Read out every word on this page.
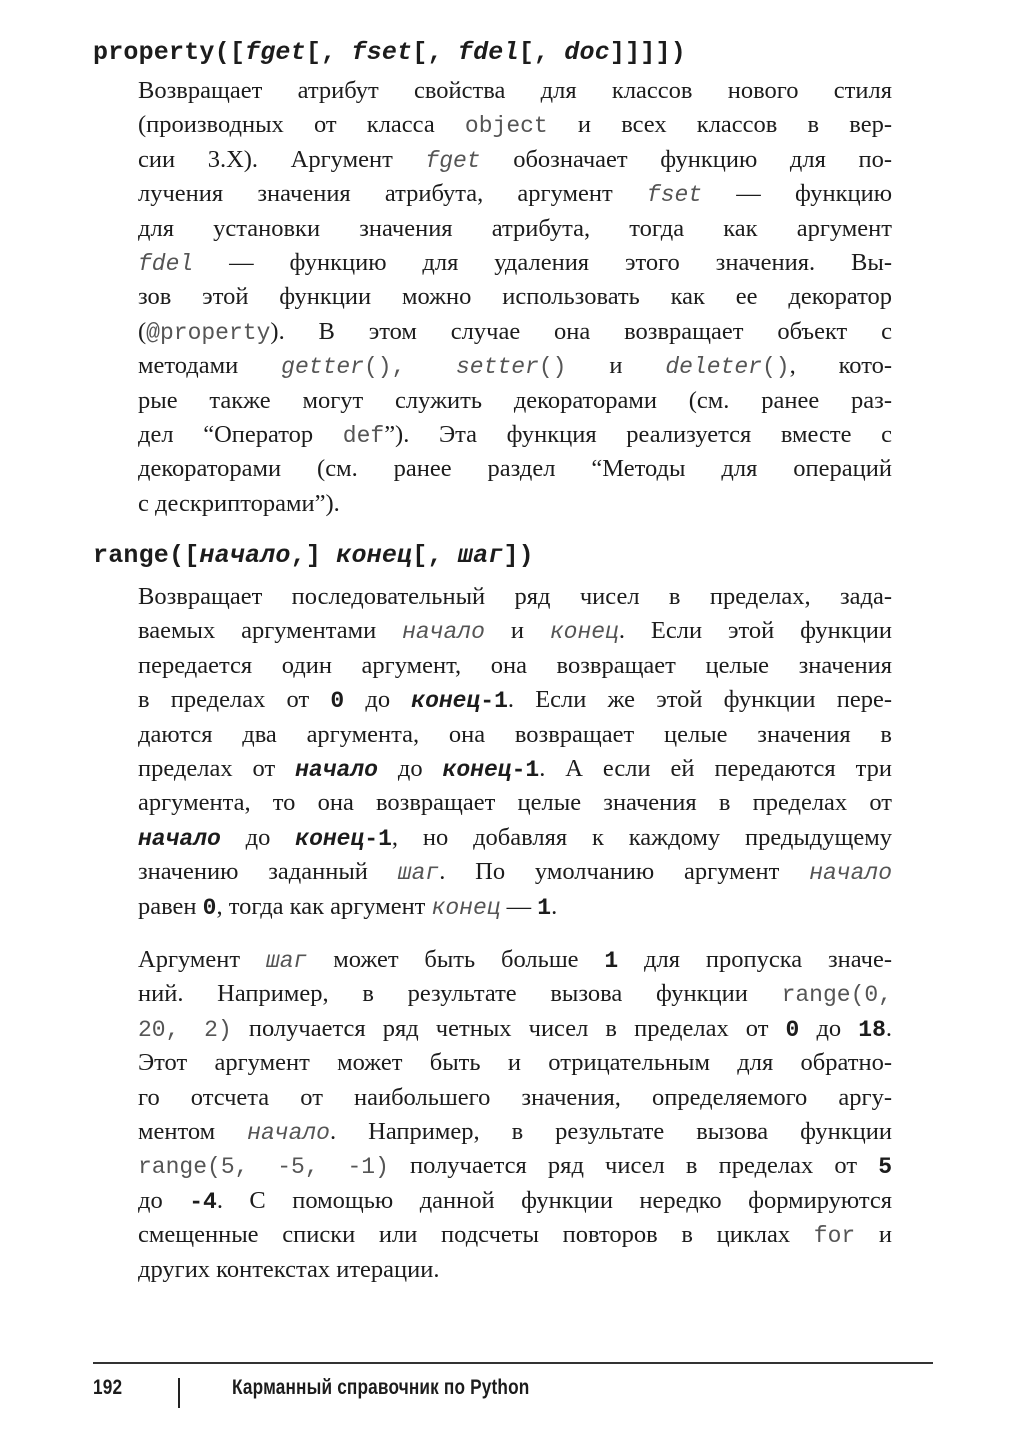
property([fget[, fset[, fdel[, doc]]]])
Возвращает атрибут свойства для классов нового стиля
(производных от класса object и всех классов в вер-
сии 3.X). Аргумент fget обозначает функцию для по-
лучения значения атрибута, аргумент fset — функцию
для установки значения атрибута, тогда как аргумент
fdel — функцию для удаления этого значения. Вы-
зов этой функции можно использовать как ее декоратор
(@property). В этом случае она возвращает объект с
методами getter(), setter() и deleter(), кото-
рые также могут служить декораторами (см. ранее раз-
дел “Оператор def”). Эта функция реализуется вместе с
декораторами (см. ранее раздел “Методы для операций
с дескрипторами”).
range([начало,] конец[, шаг])
Возвращает последовательный ряд чисел в пределах, зада-
ваемых аргументами начало и конец. Если этой функции
передается один аргумент, она возвращает целые значения
в пределах от 0 до конец-1. Если же этой функции пере-
даются два аргумента, она возвращает целые значения в
пределах от начало до конец-1. А если ей передаются три
аргумента, то она возвращает целые значения в пределах от
начало до конец-1, но добавляя к каждому предыдущему
значению заданный шаг. По умолчанию аргумент начало
равен 0, тогда как аргумент конец — 1.
Аргумент шаг может быть больше 1 для пропуска значе-
ний. Например, в результате вызова функции range(0,
20, 2) получается ряд четных чисел в пределах от 0 до 18.
Этот аргумент может быть и отрицательным для обратно-
го отсчета от наибольшего значения, определяемого аргу-
ментом начало. Например, в результате вызова функции
range(5, -5, -1) получается ряд чисел в пределах от 5
до -4. С помощью данной функции нередко формируются
смещенные списки или подсчеты повторов в циклах for и
других контекстах итерации.
192	Карманный справочник по Python
